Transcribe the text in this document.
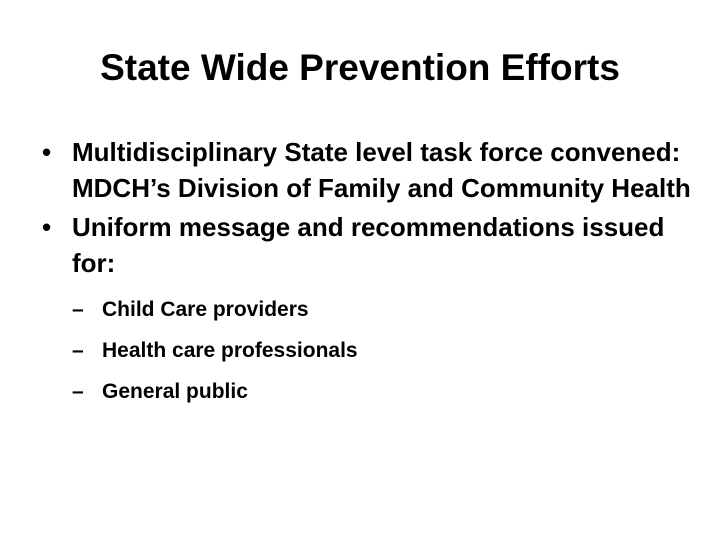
State Wide Prevention Efforts
• Multidisciplinary State level task force convened: MDCH’s Division of Family and Community Health
• Uniform message and recommendations issued for:
– Child Care providers
– Health care professionals
– General public
